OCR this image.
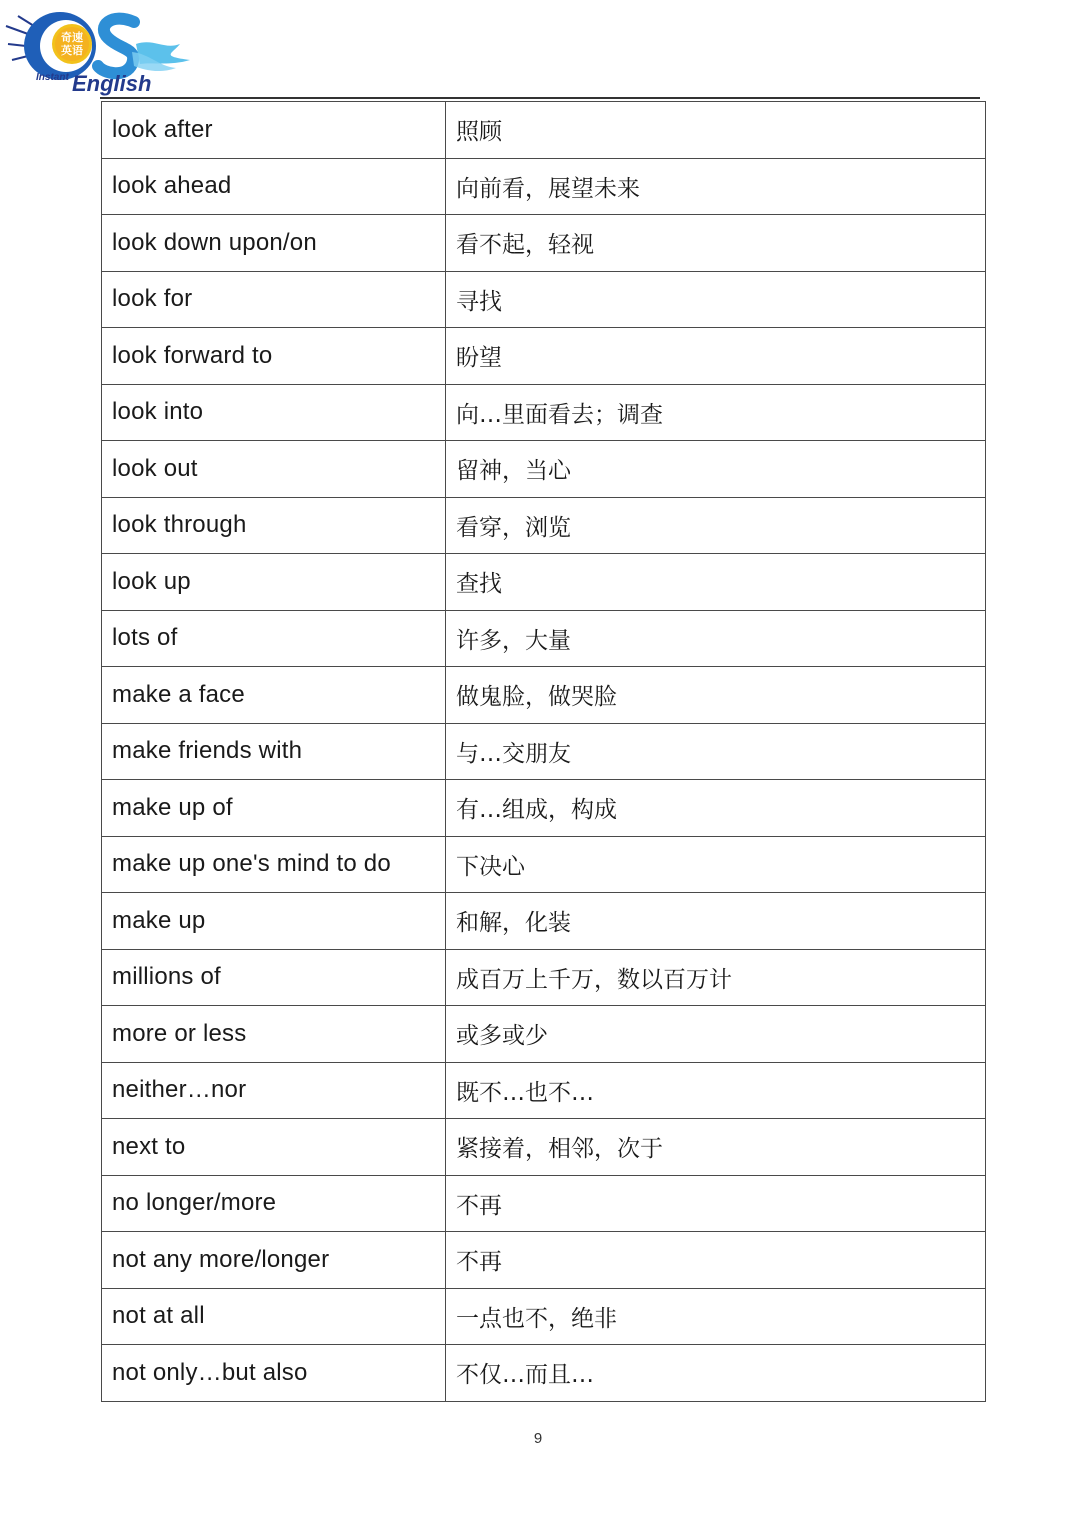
奇速
英语
Instant English
look after	照顾
look ahead	向前看，展望未来
look down upon/on	看不起，轻视
look for	寻找
look forward to	盼望
look into	向…里面看去；调查
look out	留神，当心
look through	看穿，浏览
look up	查找
lots of	许多，大量
make a face	做鬼脸，做哭脸
make friends with	与…交朋友
make up of	有…组成，构成
make up one's mind to do	下决心
make up	和解，化装
millions of	成百万上千万，数以百万计
more or less	或多或少
neither…nor	既不…也不…
next to	紧接着，相邻，次于
no longer/more	不再
not any more/longer	不再
not at all	一点也不，绝非
not only…but also	不仅…而且…
9
